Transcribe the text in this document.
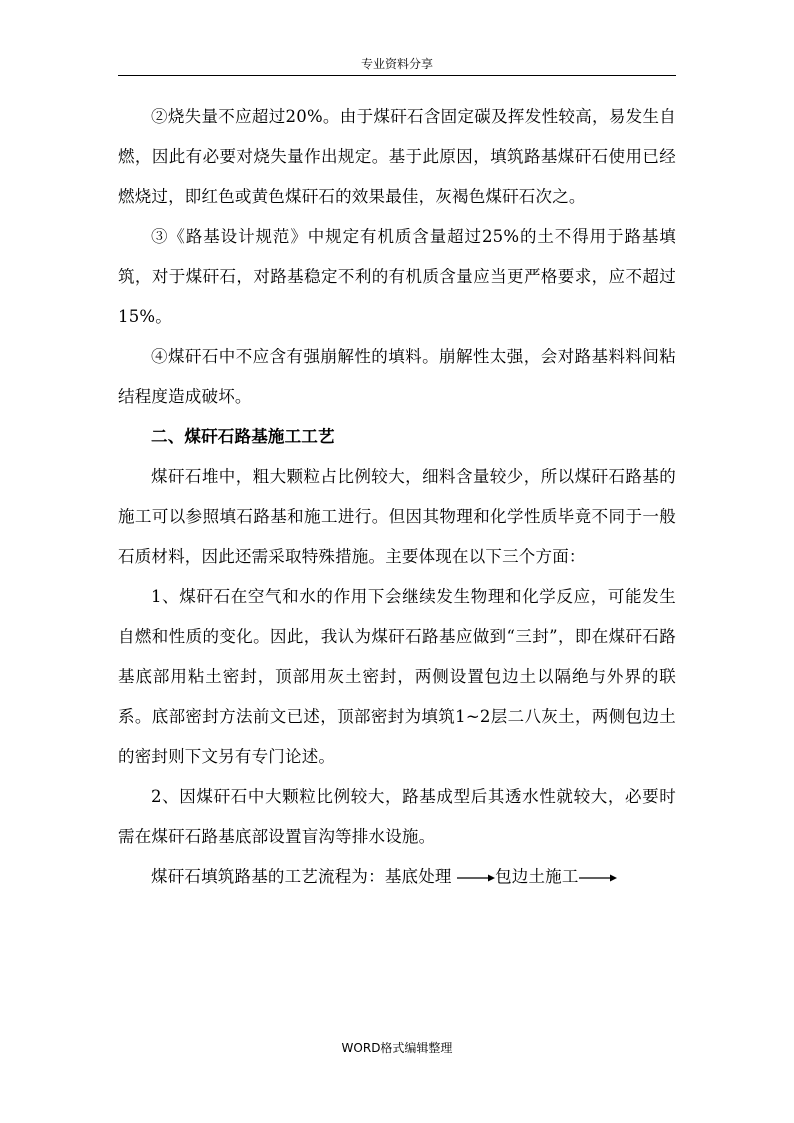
专业资料分享

②烧失量不应超过20%。由于煤矸石含固定碳及挥发性较高，易发生自燃，因此有必要对烧失量作出规定。基于此原因，填筑路基煤矸石使用已经燃烧过，即红色或黄色煤矸石的效果最佳，灰褐色煤矸石次之。

③《路基设计规范》中规定有机质含量超过25%的土不得用于路基填筑，对于煤矸石，对路基稳定不利的有机质含量应当更严格要求，应不超过15%。

④煤矸石中不应含有强崩解性的填料。崩解性太强，会对路基料料间粘结程度造成破坏。

二、煤矸石路基施工工艺

煤矸石堆中，粗大颗粒占比例较大，细料含量较少，所以煤矸石路基的施工可以参照填石路基和施工进行。但因其物理和化学性质毕竟不同于一般石质材料，因此还需采取特殊措施。主要体现在以下三个方面：

1、煤矸石在空气和水的作用下会继续发生物理和化学反应，可能发生自燃和性质的变化。因此，我认为煤矸石路基应做到“三封”，即在煤矸石路基底部用粘土密封，顶部用灰土密封，两侧设置包边土以隔绝与外界的联系。底部密封方法前文已述，顶部密封为填筑1~2层二八灰土，两侧包边土的密封则下文另有专门论述。

2、因煤矸石中大颗粒比例较大，路基成型后其透水性就较大，必要时需在煤矸石路基底部设置盲沟等排水设施。

煤矸石填筑路基的工艺流程为：基底处理	包边土施工

WORD格式编辑整理
